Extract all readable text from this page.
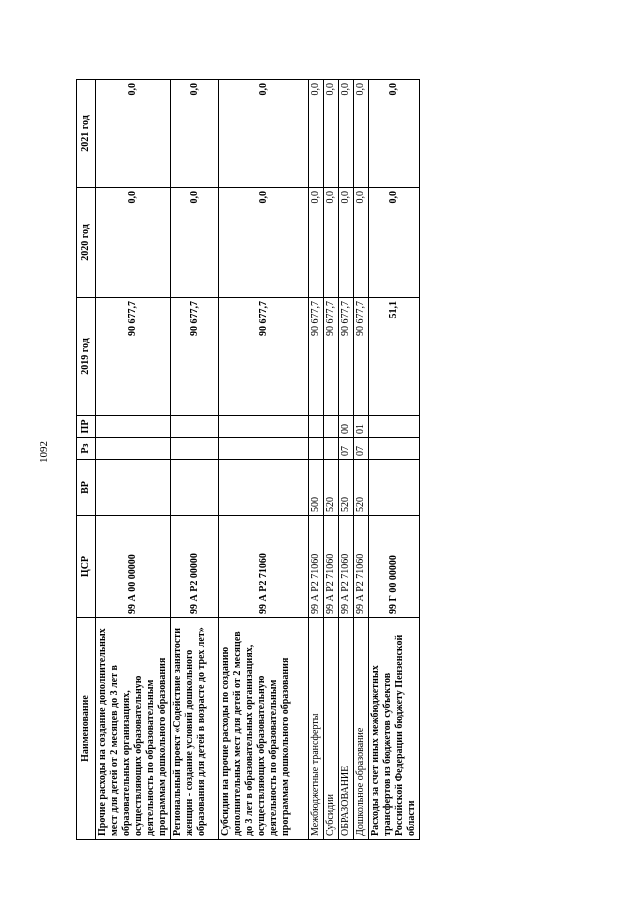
1092
Наименование	ЦСР	ВР	Рз	ПР	2019 год	2020 год	2021 год
Прочие расходы на создание дополнительных мест для детей от 2 месяцев до 3 лет в образовательных организациях, осуществляющих образовательную деятельность по образовательным программам дошкольного образования	99 А 00 00000				90 677,7	0,0	0,0
Региональный проект «Содействие занятости женщин - создание условий дошкольного образования для детей в возрасте до трех лет»	99 А Р2 00000				90 677,7	0,0	0,0
Субсидии на прочие расходы по созданию дополнительных мест для детей от 2 месяцев до 3 лет в образовательных организациях, осуществляющих образовательную деятельность по образовательным программам дошкольного образования	99 А Р2 71060				90 677,7	0,0	0,0
Межбюджетные трансферты	99 А Р2 71060	500			90 677,7	0,0	0,0
Субсидии	99 А Р2 71060	520			90 677,7	0,0	0,0
ОБРАЗОВАНИЕ	99 А Р2 71060	520	07	00	90 677,7	0,0	0,0
Дошкольное образование	99 А Р2 71060	520	07	01	90 677,7	0,0	0,0
Расходы за счет иных межбюджетных трансфертов из бюджетов субъектов Российской Федерации бюджету Пензенской области	99 Г 00 00000				51,1	0,0	0,0
